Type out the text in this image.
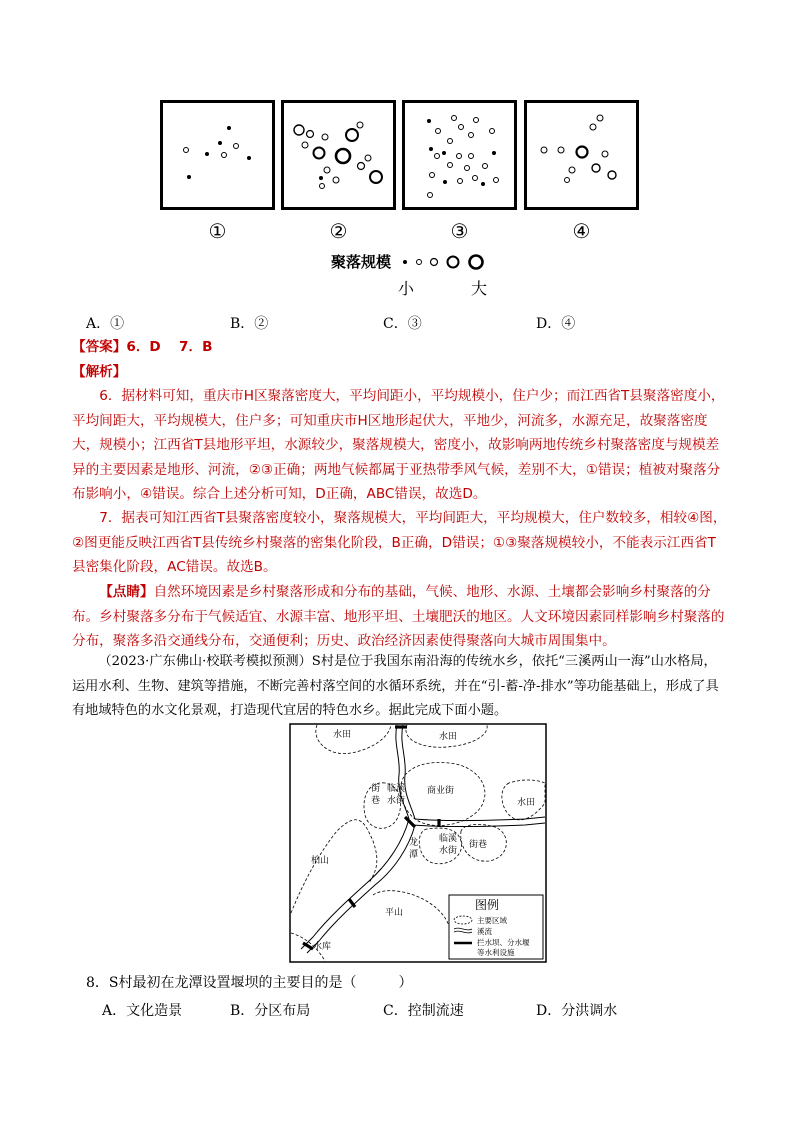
①	②	③	④
聚落规模
小	大
A．①	B．②	C．③	D．④
【答案】6．D　 7．B
【解析】

6．据材料可知，重庆市H区聚落密度大，平均间距小，平均规模小，住户少；而江西省T县聚落密度小，平均间距大，平均规模大，住户多；可知重庆市H区地形起伏大，平地少，河流多，水源充足，故聚落密度大，规模小；江西省T县地形平坦，水源较少，聚落规模大，密度小，故影响两地传统乡村聚落密度与规模差异的主要因素是地形、河流，②③正确；两地气候都属于亚热带季风气候，差别不大，①错误；植被对聚落分布影响小，④错误。综合上述分析可知，D正确，ABC错误，故选D。

7．据表可知江西省T县聚落密度较小，聚落规模大，平均间距大，平均规模大，住户数较多，相较④图，②图更能反映江西省T县传统乡村聚落的密集化阶段，B正确，D错误；①③聚落规模较小，不能表示江西省T县密集化阶段，AC错误。故选B。

【点睛】自然环境因素是乡村聚落形成和分布的基础，气候、地形、水源、土壤都会影响乡村聚落的分布。乡村聚落多分布于气候适宜、水源丰富、地形平坦、土壤肥沃的地区。人文环境因素同样影响乡村聚落的分布，聚落多沿交通线分布，交通便利；历史、政治经济因素使得聚落向大城市周围集中。

（2023·广东佛山·校联考模拟预测）S村是位于我国东南沿海的传统水乡，依托“三溪两山一海”山水格局，运用水利、生物、建筑等措施，不断完善村落空间的水循环系统，并在“引-蓄-净-排水”等功能基础上，形成了具有地域特色的水文化景观，打造现代宜居的特色水乡。据此完成下面小题。

水田	水田
水田
街
巷
临溪
水街
商业街
柏山
龙
潭
临溪
水街
街巷
平山
水库
图例
主要区域
溪流
拦水坝、分水堰
等水利设施
8．S村最初在龙潭设置堰坝的主要目的是（　　　）
A．文化造景	B．分区布局	C．控制流速	D．分洪调水
